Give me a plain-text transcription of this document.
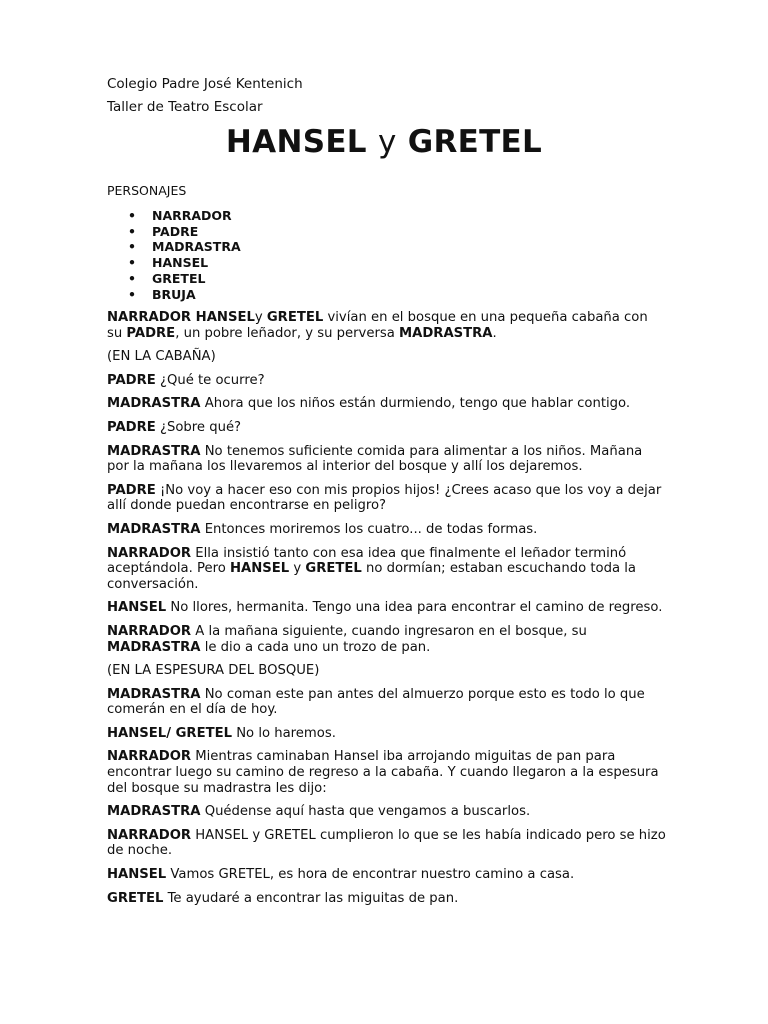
Colegio Padre José Kentenich
Taller de Teatro Escolar
HANSEL y GRETEL
PERSONAJES
• NARRADOR
• PADRE
• MADRASTRA
• HANSEL
• GRETEL
• BRUJA

NARRADOR HANSELy GRETEL vivían en el bosque en una pequeña cabaña con su PADRE, un pobre leñador, y su perversa MADRASTRA.

(EN LA CABAÑA)

PADRE ¿Qué te ocurre?

MADRASTRA Ahora que los niños están durmiendo, tengo que hablar contigo.

PADRE ¿Sobre qué?

MADRASTRA No tenemos suficiente comida para alimentar a los niños. Mañana por la mañana los llevaremos al interior del bosque y allí los dejaremos.

PADRE ¡No voy a hacer eso con mis propios hijos! ¿Crees acaso que los voy a dejar allí donde puedan encontrarse en peligro?

MADRASTRA Entonces moriremos los cuatro... de todas formas.

NARRADOR Ella insistió tanto con esa idea que finalmente el leñador terminó aceptándola. Pero HANSEL y GRETEL no dormían; estaban escuchando toda la conversación.

HANSEL No llores, hermanita. Tengo una idea para encontrar el camino de regreso.

NARRADOR A la mañana siguiente, cuando ingresaron en el bosque, su MADRASTRA le dio a cada uno un trozo de pan.

(EN LA ESPESURA DEL BOSQUE)

MADRASTRA No coman este pan antes del almuerzo porque esto es todo lo que comerán en el día de hoy.

HANSEL/ GRETEL No lo haremos.

NARRADOR Mientras caminaban Hansel iba arrojando miguitas de pan para encontrar luego su camino de regreso a la cabaña. Y cuando llegaron a la espesura del bosque su madrastra les dijo:

MADRASTRA Quédense aquí hasta que vengamos a buscarlos.

NARRADOR HANSEL y GRETEL cumplieron lo que se les había indicado pero se hizo de noche.

HANSEL Vamos GRETEL, es hora de encontrar nuestro camino a casa.

GRETEL Te ayudaré a encontrar las miguitas de pan.
